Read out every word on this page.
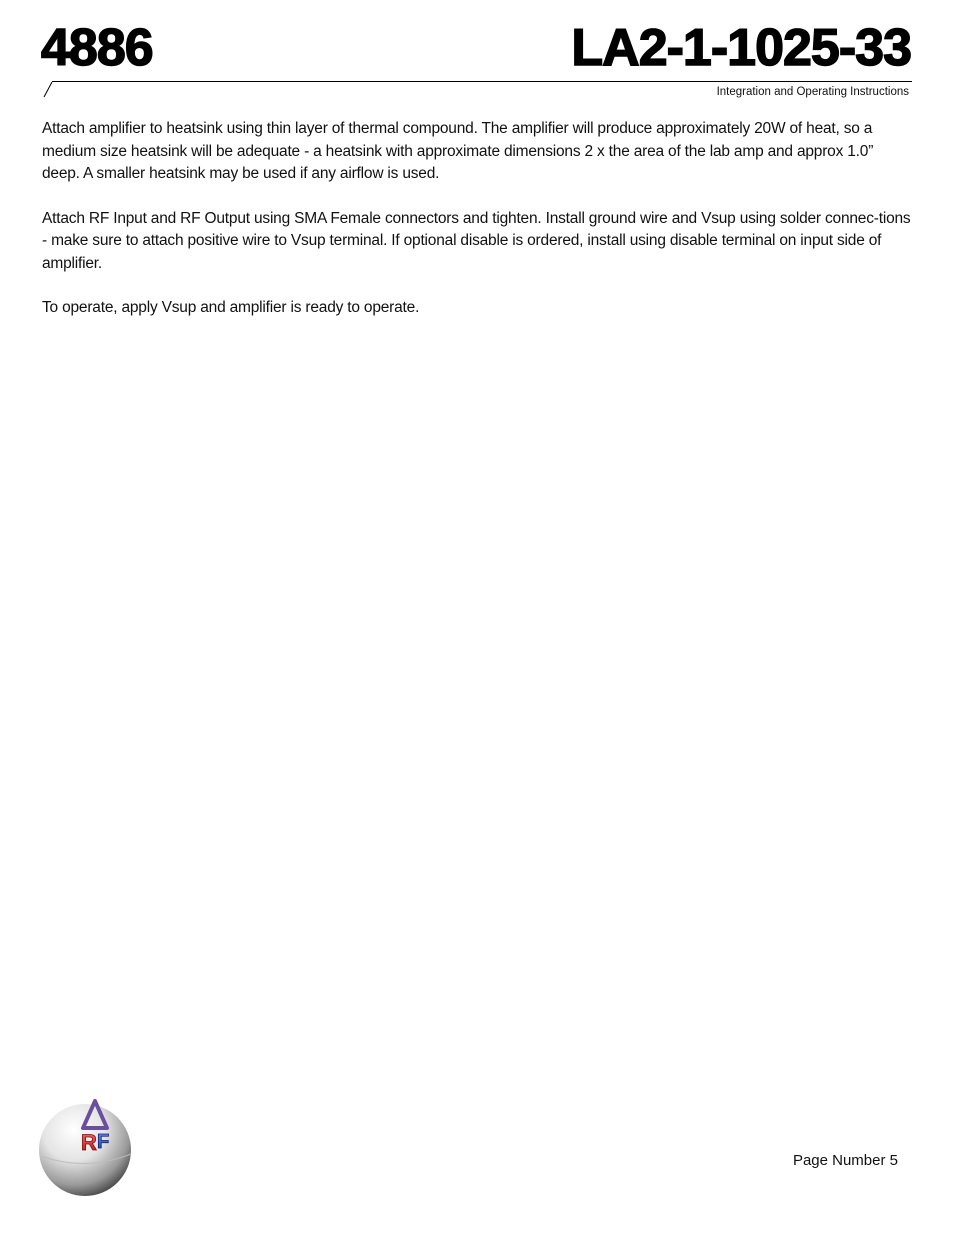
4886	LA2-1-1025-33
Integration and Operating Instructions

Attach amplifier to heatsink using thin layer of thermal compound. The amplifier will produce approximately 20W of heat, so a medium size heatsink will be adequate - a heatsink with approximate dimensions 2 x the area of the lab amp and approx 1.0” deep. A smaller heatsink may be used if any airflow is used.

Attach RF Input and RF Output using SMA Female connectors and tighten. Install ground wire and Vsup using solder connec-tions - make sure to attach positive wire to Vsup terminal. If optional disable is ordered, install using disable terminal on input side of amplifier.

To operate, apply Vsup and amplifier is ready to operate.

R F
Page Number 5
